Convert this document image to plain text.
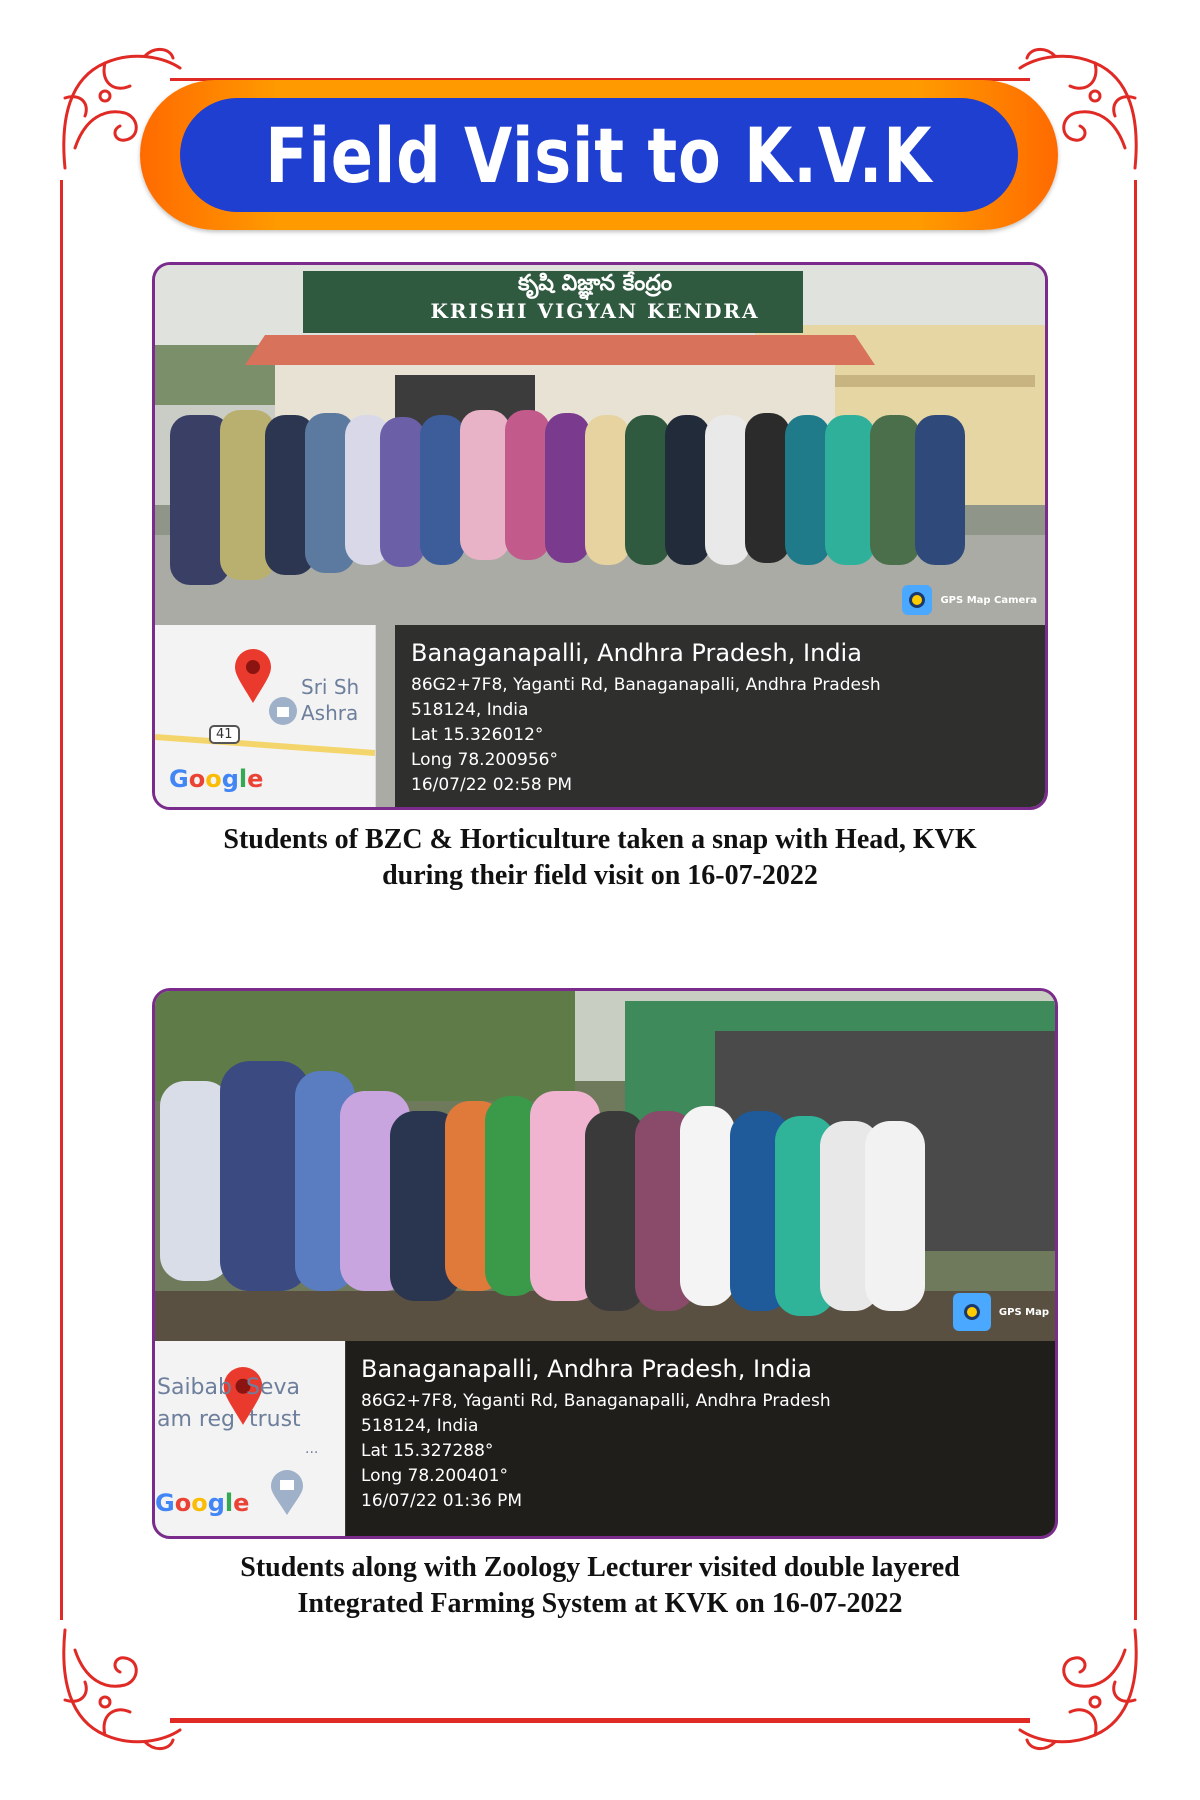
Field Visit to K.V.K
Sri Sh
Ashra
41
Google
Banaganapalli, Andhra Pradesh, India
86G2+7F8, Yaganti Rd, Banaganapalli, Andhra Pradesh
518124, India
Lat 15.326012°
Long 78.200956°
16/07/22 02:58 PM
GPS Map Camera
కృషి విజ్ఞాన కేంద్రం
KRISHI VIGYAN KENDRA
Students of BZC & Horticulture taken a snap with Head, KVK
during their field visit on 16-07-2022
Saibab  Seva
am reg  trust
...
Google
Banaganapalli, Andhra Pradesh, India
86G2+7F8, Yaganti Rd, Banaganapalli, Andhra Pradesh
518124, India
Lat 15.327288°
Long 78.200401°
16/07/22 01:36 PM
GPS Map
Students along with Zoology Lecturer visited double layered
Integrated Farming System at KVK on 16-07-2022
